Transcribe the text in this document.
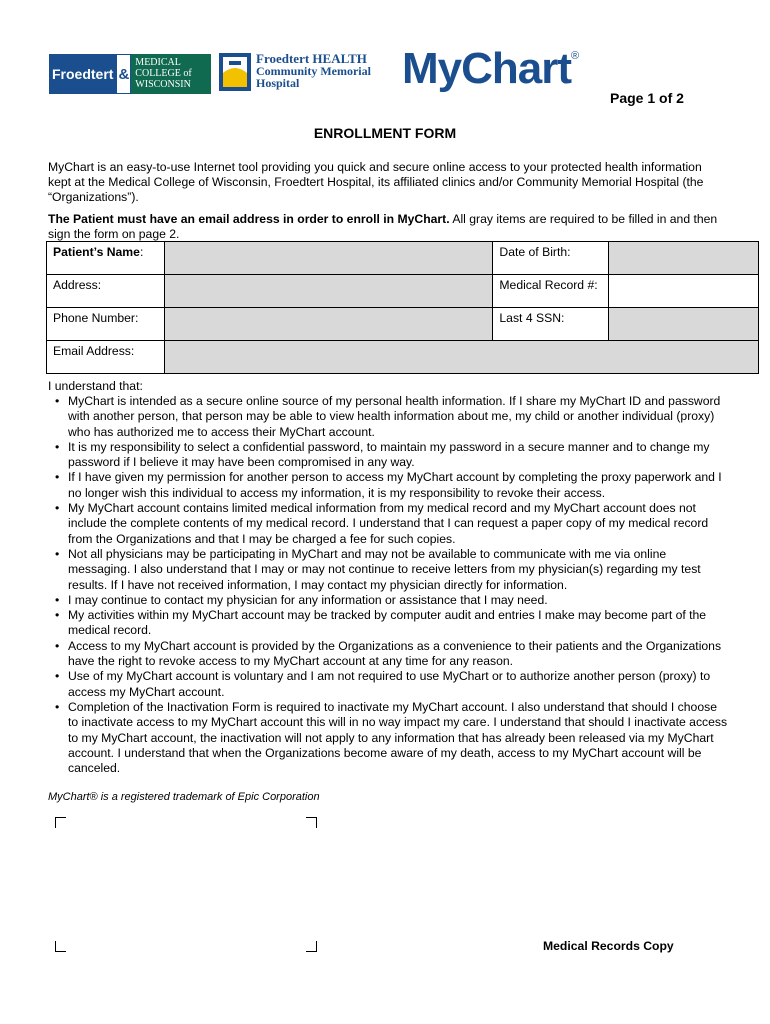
Froedtert &
MEDICAL
COLLEGE of
WISCONSIN
Froedtert HEALTH
Community Memorial
Hospital	MyChart®
Page 1 of 2
ENROLLMENT FORM
MyChart is an easy-to-use Internet tool providing you quick and secure online access to your protected health information kept at the Medical College of Wisconsin, Froedtert Hospital, its affiliated clinics and/or Community Memorial Hospital (the “Organizations”).
The Patient must have an email address in order to enroll in MyChart. All gray items are required to be filled in and then sign the form on page 2.
Patient’s Name:		Date of Birth:	
Address:		Medical Record #:	
Phone Number:		Last 4 SSN:	
Email Address:			
I understand that:
• MyChart is intended as a secure online source of my personal health information. If I share my MyChart ID and password with another person, that person may be able to view health information about me, my child or another individual (proxy) who has authorized me to access their MyChart account.
• It is my responsibility to select a confidential password, to maintain my password in a secure manner and to change my password if I believe it may have been compromised in any way.
• If I have given my permission for another person to access my MyChart account by completing the proxy paperwork and I no longer wish this individual to access my information, it is my responsibility to revoke their access.
• My MyChart account contains limited medical information from my medical record and my MyChart account does not include the complete contents of my medical record. I understand that I can request a paper copy of my medical record from the Organizations and that I may be charged a fee for such copies.
• Not all physicians may be participating in MyChart and may not be available to communicate with me via online messaging. I also understand that I may or may not continue to receive letters from my physician(s) regarding my test results. If I have not received information, I may contact my physician directly for information.
• I may continue to contact my physician for any information or assistance that I may need.
• My activities within my MyChart account may be tracked by computer audit and entries I make may become part of the medical record.
• Access to my MyChart account is provided by the Organizations as a convenience to their patients and the Organizations have the right to revoke access to my MyChart account at any time for any reason.
• Use of my MyChart account is voluntary and I am not required to use MyChart or to authorize another person (proxy) to access my MyChart account.
• Completion of the Inactivation Form is required to inactivate my MyChart account. I also understand that should I choose to inactivate access to my MyChart account this will in no way impact my care. I understand that should I inactivate access to my MyChart account, the inactivation will not apply to any information that has already been released via my MyChart account. I understand that when the Organizations become aware of my death, access to my MyChart account will be canceled.
MyChart® is a registered trademark of Epic Corporation
Medical Records Copy
